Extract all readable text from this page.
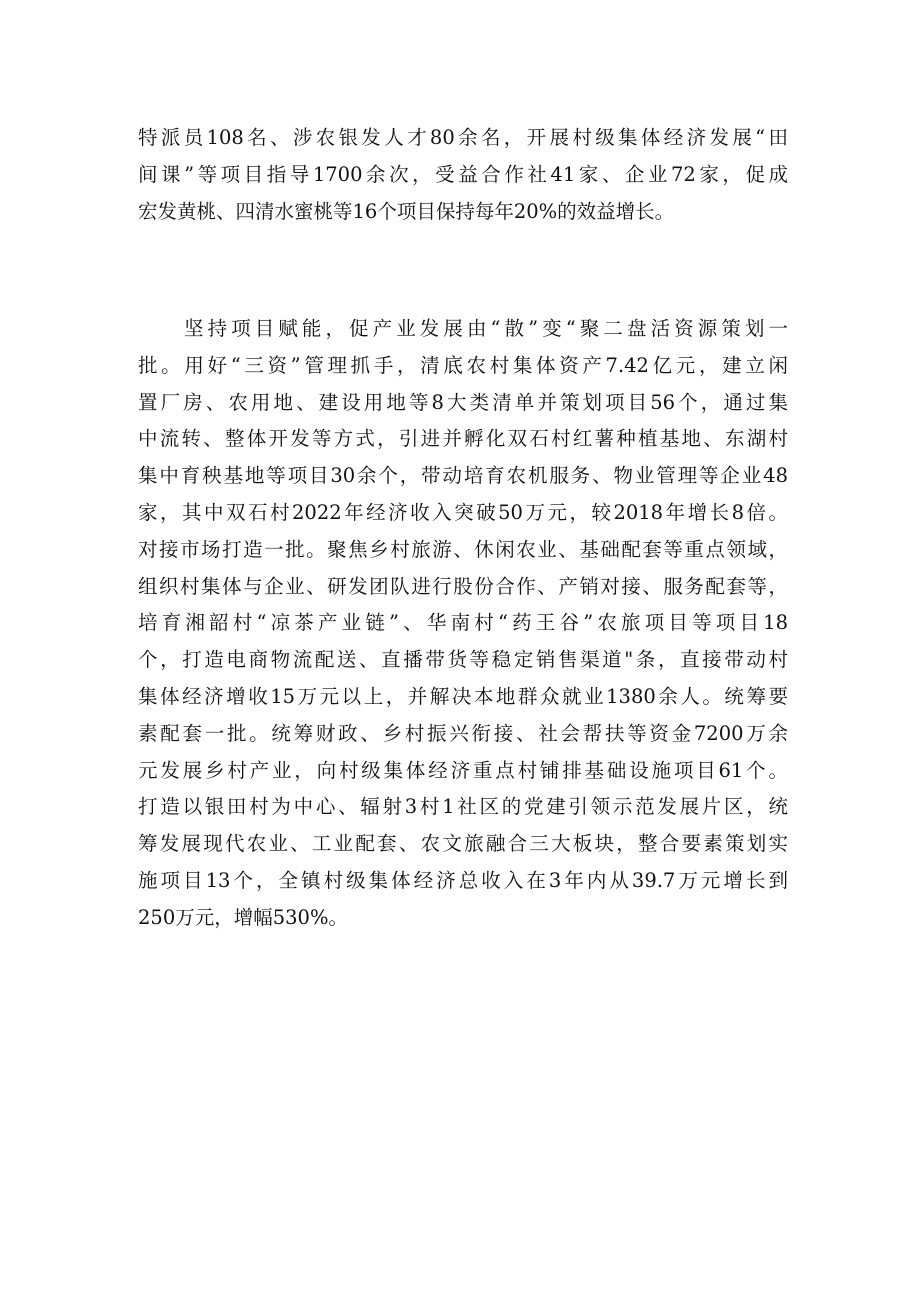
特派员108名、涉农银发人才80余名，开展村级集体经济发展“田
间课”等项目指导1700余次，受益合作社41家、企业72家，促成
宏发黄桃、四清水蜜桃等16个项目保持每年20%的效益增长。
坚持项目赋能，促产业发展由“散”变“聚二盘活资源策划一
批。用好“三资”管理抓手，清底农村集体资产7.42亿元，建立闲
置厂房、农用地、建设用地等8大类清单并策划项目56个，通过集
中流转、整体开发等方式，引进并孵化双石村红薯种植基地、东湖村
集中育秧基地等项目30余个，带动培育农机服务、物业管理等企业48
家，其中双石村2022年经济收入突破50万元，较2018年增长8倍。
对接市场打造一批。聚焦乡村旅游、休闲农业、基础配套等重点领域，
组织村集体与企业、研发团队进行股份合作、产销对接、服务配套等，
培育湘韶村“凉茶产业链”、华南村“药王谷”农旅项目等项目18
个，打造电商物流配送、直播带货等稳定销售渠道"条，直接带动村
集体经济增收15万元以上，并解决本地群众就业1380余人。统筹要
素配套一批。统筹财政、乡村振兴衔接、社会帮扶等资金7200万余
元发展乡村产业，向村级集体经济重点村铺排基础设施项目61个。
打造以银田村为中心、辐射3村1社区的党建引领示范发展片区，统
筹发展现代农业、工业配套、农文旅融合三大板块，整合要素策划实
施项目13个，全镇村级集体经济总收入在3年内从39.7万元增长到
250万元，增幅530%。
